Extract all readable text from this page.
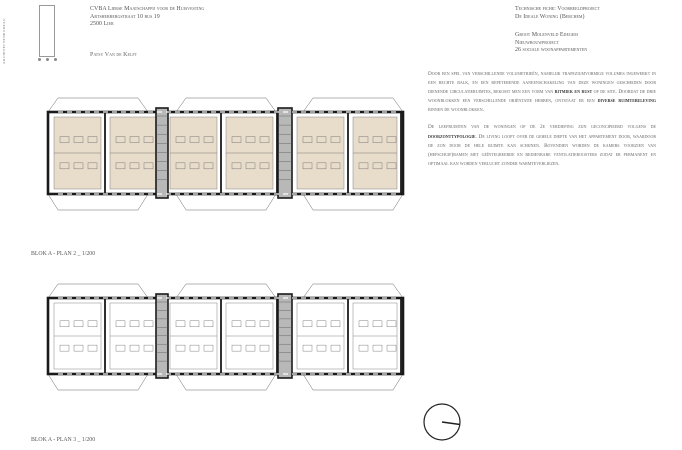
ARCHITECTENBUREAU
CVBA Lierse Maatschappij voor de Huisvesting
Abtsherbergstraat 10 bus 19
2500 Lier
Patsy Van de Kelft
Technische fiche: Voorbeeldproject
De Ideale Woning (Berchem)
Groot Molenveld Edegem
Nieuwbouwproject
26 sociale woonappartementen

Door een spel van verschillende volumetrieën, namelijk trapeziumvormige volumes ingewerkt in een rechte balk, en een repeterende aaneenschakeling van deze woningen gescheiden door dienende circulatieruimtes, bekomt men een vorm van ritmiek en rust op de site. Doordat de drie woonblokken een verschillende oriëntatie hebben, ontstaat er een diverse ruimtebeleving binnen de woonblokken.

De leefruimten van de woningen op de 2e verdieping zijn geconcipieerd volgens de doorzonttypologie. De living loopt over de gehele diepte van het appartement door, waardoor de zon door de hele ruimte kan schijnen. Bovendien worden de kamers voorzien van (hefschuif)ramen met geïntegreerde en bedienbare ventilatieroosters zodat er permanent en optimaal kan worden verlucht zonder warmteverliezen.

BLOK A - PLAN 2 _ 1/200
BLOK A - PLAN 3 _ 1/200
